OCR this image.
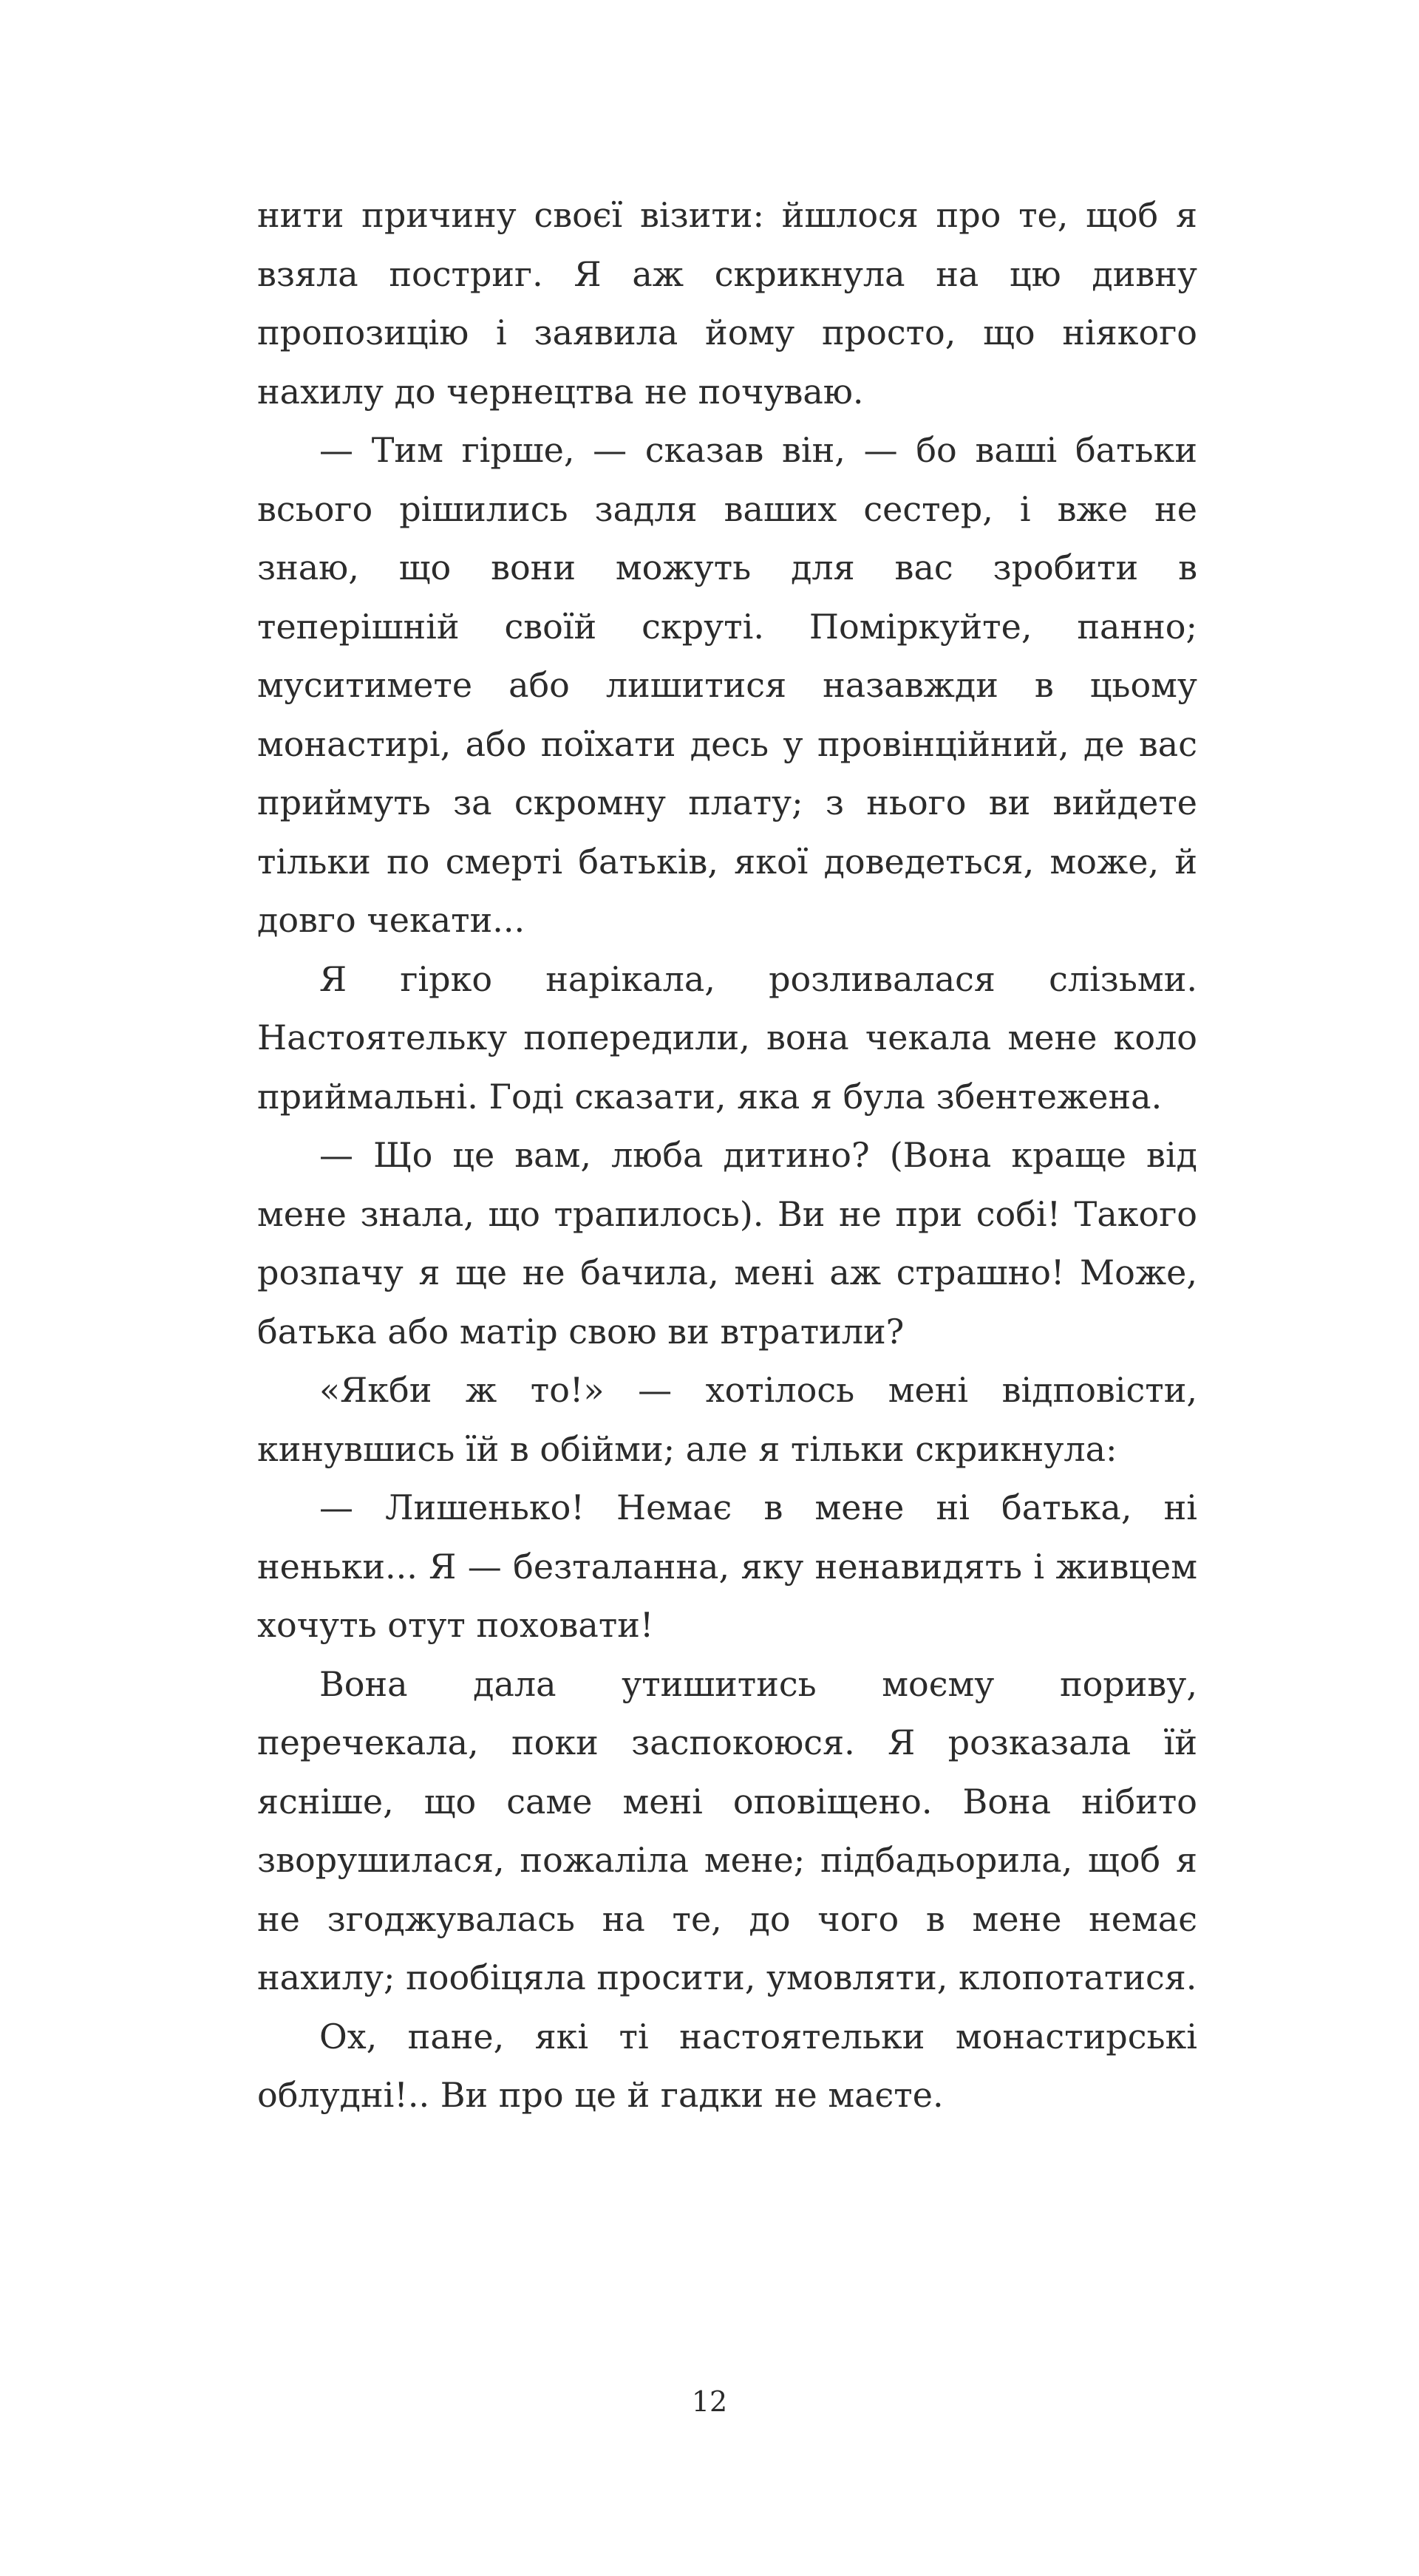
нити причину своєї візити: йшлося про те, щоб я взяла постриг. Я аж скрикнула на цю дивну пропозицію і заявила йому просто, що ніякого нахилу до чернецтва не почуваю.

— Тим гірше, — сказав він, — бо ваші батьки всього рішились задля ваших сестер, і вже не знаю, що вони можуть для вас зробити в теперішній своїй скруті. Поміркуйте, панно; муситимете або лишитися назавжди в цьому монастирі, або поїхати десь у провінційний, де вас приймуть за скромну плату; з нього ви вийдете тільки по смерті батьків, якої доведеться, може, й довго чекати...

Я гірко нарікала, розливалася слізьми. Настоятельку попередили, вона чекала мене коло приймальні. Годі сказати, яка я була збентежена.

— Що це вам, люба дитино? (Вона краще від мене знала, що трапилось). Ви не при собі! Такого розпачу я ще не бачила, мені аж страшно! Може, батька або матір свою ви втратили?

«Якби ж то!» — хотілось мені відповісти, кинувшись їй в обійми; але я тільки скрикнула:

— Лишенько! Немає в мене ні батька, ні неньки... Я — безталанна, яку ненавидять і живцем хочуть отут поховати!

Вона дала утишитись моєму пориву, перечекала, поки заспокоюся. Я розказала їй ясніше, що саме мені оповіщено. Вона нібито зворушилася, пожаліла мене; підбадьорила, щоб я не згоджувалась на те, до чого в мене немає нахилу; пообіцяла просити, умовляти, клопотатися.

Ох, пане, які ті настоятельки монастирські облудні!.. Ви про це й гадки не маєте.

12
